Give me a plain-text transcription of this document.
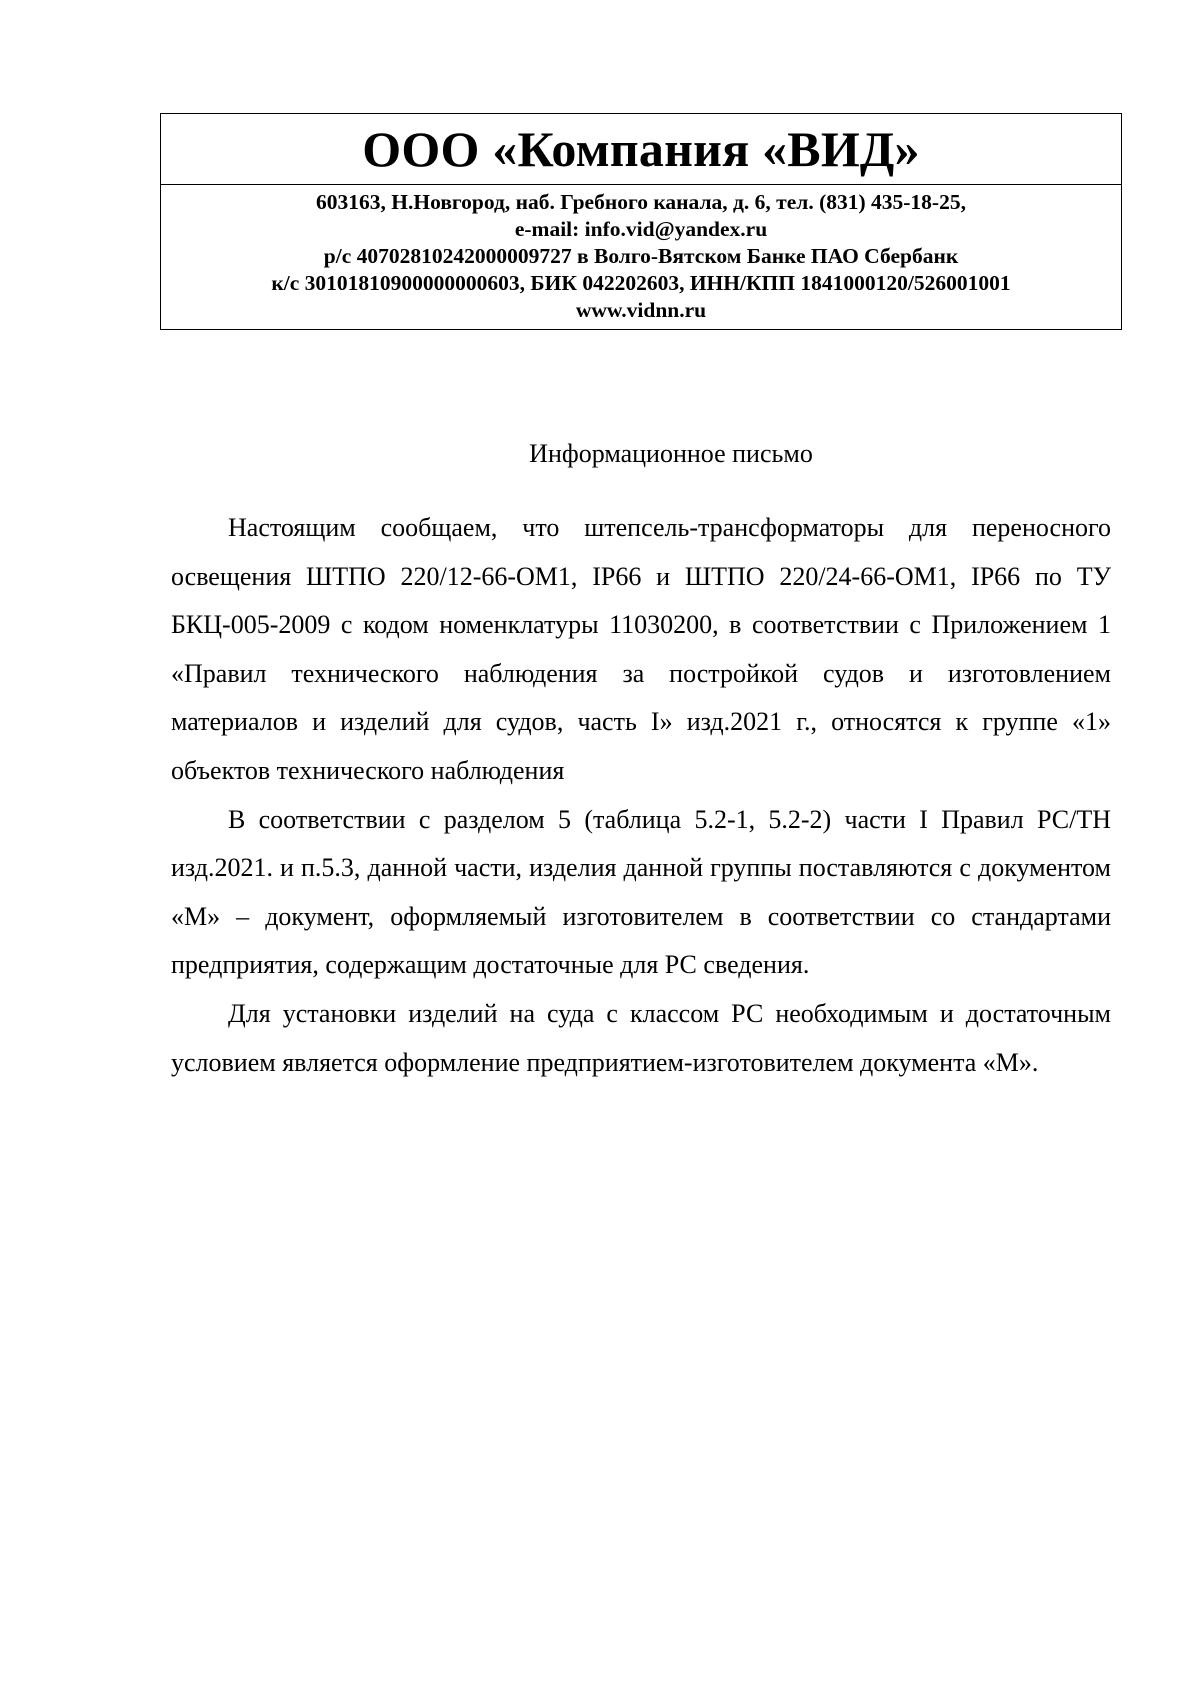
ООО «Компания «ВИД»
603163, Н.Новгород, наб. Гребного канала, д. 6, тел. (831) 435-18-25,
e-mail: info.vid@yandex.ru
р/с 40702810242000009727 в Волго-Вятском Банке ПАО Сбербанк
к/с 30101810900000000603, БИК 042202603, ИНН/КПП 1841000120/526001001
www.vidnn.ru
Информационное письмо

Настоящим сообщаем, что штепсель-трансформаторы для переносного освещения ШТПО 220/12-66-ОМ1, IP66 и ШТПО 220/24-66-ОМ1, IP66 по ТУ БКЦ-005-2009 с кодом номенклатуры 11030200, в соответствии с Приложением 1 «Правил технического наблюдения за постройкой судов и изготовлением материалов и изделий для судов, часть I» изд.2021 г., относятся к группе «1» объектов технического наблюдения

В соответствии с разделом 5 (таблица 5.2-1, 5.2-2) части I Правил РС/ТН изд.2021. и п.5.3, данной части, изделия данной группы поставляются с документом «М» – документ, оформляемый изготовителем в соответствии со стандартами предприятия, содержащим достаточные для РС сведения.

Для установки изделий на суда с классом РС необходимым и достаточным условием является оформление предприятием-изготовителем документа «М».
